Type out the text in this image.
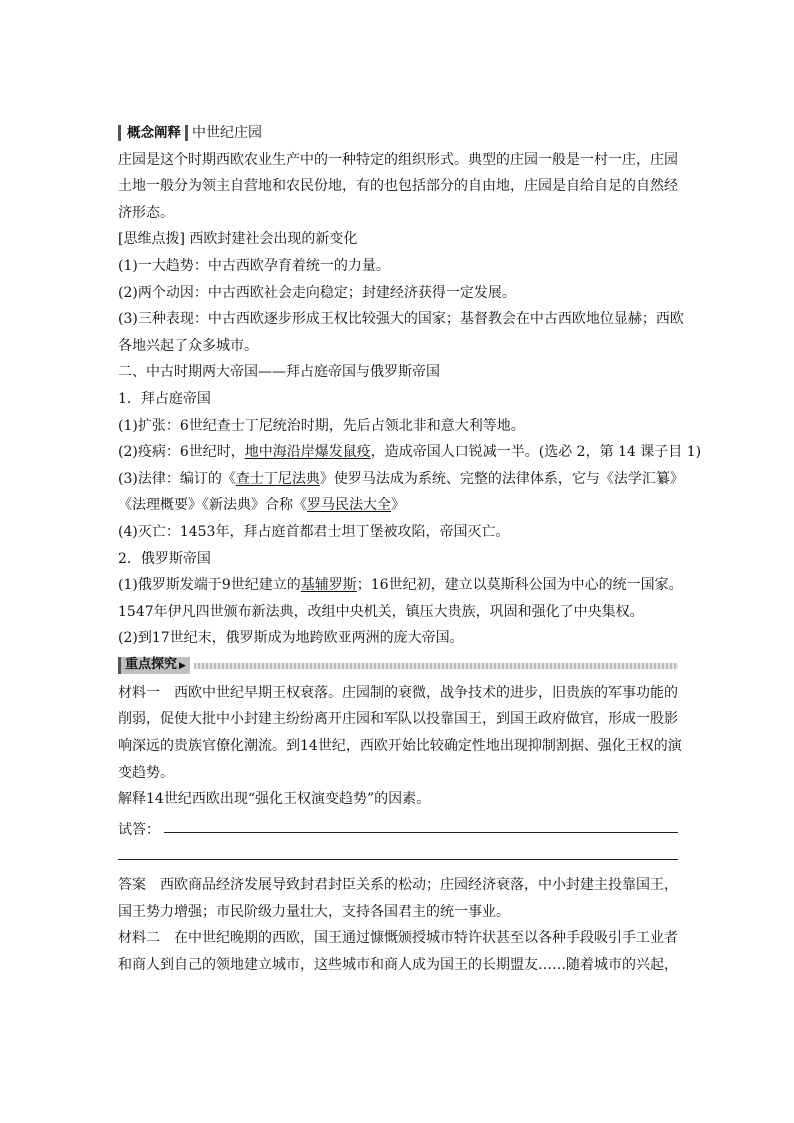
概念阐释 中世纪庄园
庄园是这个时期西欧农业生产中的一种特定的组织形式。典型的庄园一般是一村一庄，庄园
土地一般分为领主自营地和农民份地，有的也包括部分的自由地，庄园是自给自足的自然经
济形态。
[思维点拨] 西欧封建社会出现的新变化
(1)一大趋势：中古西欧孕育着统一的力量。
(2)两个动因：中古西欧社会走向稳定；封建经济获得一定发展。
(3)三种表现：中古西欧逐步形成王权比较强大的国家；基督教会在中古西欧地位显赫；西欧
各地兴起了众多城市。
二、中古时期两大帝国——拜占庭帝国与俄罗斯帝国
1．拜占庭帝国
(1)扩张：6世纪查士丁尼统治时期，先后占领北非和意大利等地。
(2)疫病：6世纪时，地中海沿岸爆发鼠疫，造成帝国人口锐减一半。(选必 2，第 14 课子目 1)
(3)法律：编订的《查士丁尼法典》使罗马法成为系统、完整的法律体系，它与《法学汇纂》
《法理概要》《新法典》合称《罗马民法大全》
(4)灭亡：1453年，拜占庭首都君士坦丁堡被攻陷，帝国灭亡。
2．俄罗斯帝国
(1)俄罗斯发端于9世纪建立的基辅罗斯；16世纪初，建立以莫斯科公国为中心的统一国家。
1547年伊凡四世颁布新法典，改组中央机关，镇压大贵族，巩固和强化了中央集权。
(2)到17世纪末，俄罗斯成为地跨欧亚两洲的庞大帝国。
重点探究 ▶
材料一　西欧中世纪早期王权衰落。庄园制的衰微，战争技术的进步，旧贵族的军事功能的
削弱，促使大批中小封建主纷纷离开庄园和军队以投靠国王，到国王政府做官，形成一股影
响深远的贵族官僚化潮流。到14世纪，西欧开始比较确定性地出现抑制割据、强化王权的演
变趋势。
解释14世纪西欧出现“强化王权演变趋势”的因素。
试答：
答案　西欧商品经济发展导致封君封臣关系的松动；庄园经济衰落，中小封建主投靠国王，
国王势力增强；市民阶级力量壮大，支持各国君主的统一事业。
材料二　在中世纪晚期的西欧，国王通过慷慨颁授城市特许状甚至以各种手段吸引手工业者
和商人到自己的领地建立城市，这些城市和商人成为国王的长期盟友……随着城市的兴起，
